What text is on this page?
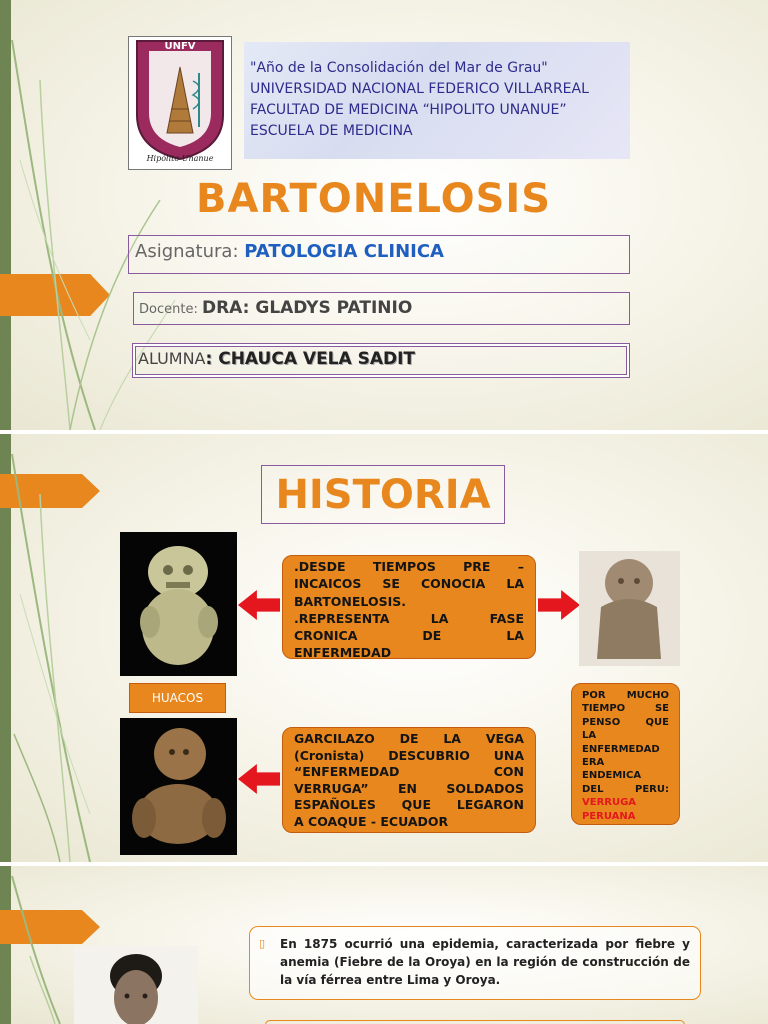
UNFV
Hipólito Unanue
"Año de la Consolidación del Mar de Grau"
UNIVERSIDAD NACIONAL FEDERICO VILLARREAL
FACULTAD DE MEDICINA “HIPOLITO UNANUE”
ESCUELA DE MEDICINA
BARTONELOSIS
Asignatura: PATOLOGIA CLINICA
Docente: DRA: GLADYS PATINIO
ALUMNA: CHAUCA VELA SADIT
HISTORIA
HUACOS
.DESDE TIEMPOS PRE –
INCAICOS SE CONOCIA LA
BARTONELOSIS.
.REPRESENTA LA FASE
CRONICA DE LA
ENFERMEDAD
POR MUCHO
TIEMPO SE
PENSO QUE
LA
ENFERMEDAD
ERA
ENDEMICA
DEL PERU:
VERRUGA
PERUANA
GARCILAZO DE LA VEGA
(Cronista) DESCUBRIO UNA
“ENFERMEDAD CON
VERRUGA” EN SOLDADOS
ESPAÑOLES QUE LEGARON
A COAQUE - ECUADOR
▯ En 1875 ocurrió una epidemia, caracterizada por fiebre y anemia (Fiebre de la Oroya) en la región de construcción de la vía férrea entre Lima y Oroya.
